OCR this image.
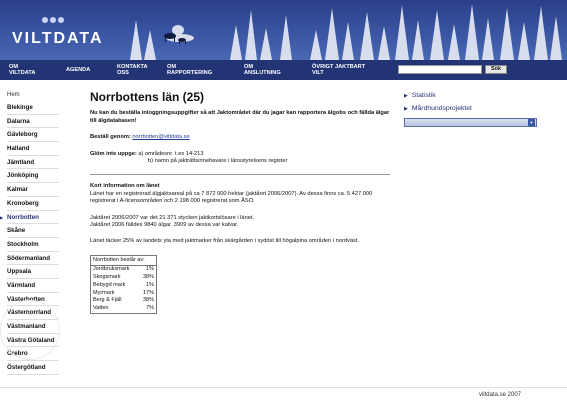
VILTDATA
OM
VILTDATA
AGENDA
KONTAKTA
OSS
OM
RAPPORTERING
OM
ANSLUTNING
ÖVRIGT JAKTBART
VILT
Sök
Hem
Blekinge
Dalarna
Gävleborg
Halland
Jämtland
Jönköping
Kalmar
Kronoberg
▶ Norrbotten
Skåne
Stockholm
Södermanland
Uppsala
Värmland
Västerbotten
Västernorrland
Västmanland
Västra Götaland
Örebro
Östergötland
Norrbottens län (25)
Nu kan du beställa inloggningsuppgifter så att Jaktområdet där du jagar kan rapportera älgobs och fällda älgar till älgdatabasen!
Beställ genom: norrbotten@viltdata.se
Glöm inte uppge: a) områdesnr. t.ex 14-213
b) namn på jakträttsinnehavare i länsstyrelsens register
Kort information om länet
Länet har en registrerad älgjaktsareal på ca 7 872 000 hektar (jaktåret 2006/2007). Av dessa finns ca. 5 427 000 registrerat i A-licensområden och 2 198 000 registrerat som ÅSO.
Jaktåret 2006/2007 var det 21 371 stycken jaktkortslösare i länet.
Jaktåret 2006 fälldes 9840 älgar. 3909 av dessa var kalvar.
Länet täcker 25% av landets yta med jaktmarker från skärgården i sydöst till högalpina områden i nordväst.
Norrbotten består av:
Jordbruksmark	1%
Skogsmark	38%
Bebygd mark	1%
Myrmark	17%
Berg & Fjäll	38%
Vatten	7%
▶ Statistik
▶ Mårdhundsprojektet
▼
viltdata.se 2007
